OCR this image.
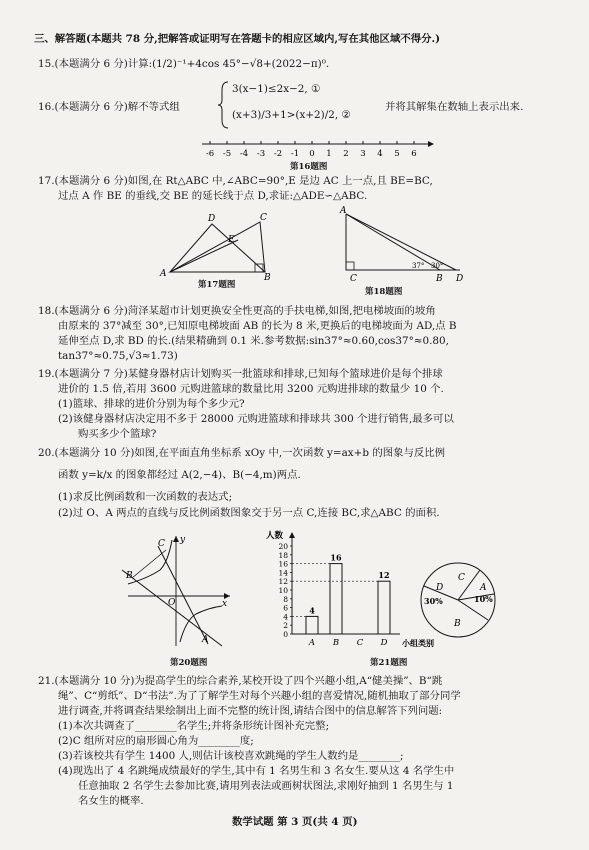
三、解答题(本题共 78 分,把解答或证明写在答题卡的相应区域内,写在其他区域不得分.)
15.(本题满分 6 分)计算:(1/2)⁻¹+4cos 45°−√8+(2022−π)⁰.
16.(本题满分 6 分)解不等式组
3(x−1)≤2x−2, ①
(x+3)/3+1>(x+2)/2, ②
并将其解集在数轴上表示出来.
-6 -5 -4 -3 -2 -1 0 1 2 3 4 5 6
第16题图
17.(本题满分 6 分)如图,在 Rt△ABC 中,∠ABC=90°,E 是边 AC 上一点,且 BE=BC,
过点 A 作 BE 的垂线,交 BE 的延长线于点 D,求证:△ADE∽△ABC.
D
E
C
A	B
第17题图
A
C	B D
37° 30°
第18题图
18.(本题满分 6 分)菏泽某超市计划更换安全性更高的手扶电梯,如图,把电梯坡面的坡角
由原来的 37°减至 30°,已知原电梯坡面 AB 的长为 8 米,更换后的电梯坡面为 AD,点 B
延伸至点 D,求 BD 的长.(结果精确到 0.1 米.参考数据:sin37°≈0.60,cos37°≈0.80,
tan37°≈0.75,√3≈1.73)
19.(本题满分 7 分)某健身器材店计划购买一批篮球和排球,已知每个篮球进价是每个排球
进价的 1.5 倍,若用 3600 元购进篮球的数量比用 3200 元购进排球的数量少 10 个.
(1)篮球、排球的进价分别为每个多少元?
(2)该健身器材店决定用不多于 28000 元购进篮球和排球共 300 个进行销售,最多可以
购买多少个篮球?
20.(本题满分 10 分)如图,在平面直角坐标系 xOy 中,一次函数 y=ax+b 的图象与反比例
函数 y=k/x 的图象都经过 A(2,−4)、B(−4,m)两点.
(1)求反比例函数和一次函数的表达式;
(2)过 O、A 两点的直线与反比例函数图象交于另一点 C,连接 BC,求△ABC 的面积.
y
C
B
O	x
A
第20题图
0
2
4
6
8
10
12
14
16
18
20
人数
小组类别
4
A
16
B C
12
D
C
A
10%
30%
D
B
第21题图
21.(本题满分 10 分)为提高学生的综合素养,某校开设了四个兴趣小组,A“健美操”、B“跳
绳”、C“剪纸”、D“书法”.为了了解学生对每个兴趣小组的喜爱情况,随机抽取了部分同学
进行调查,并将调查结果绘制出上面不完整的统计图,请结合图中的信息解答下列问题:
(1)本次共调查了________名学生;并将条形统计图补充完整;
(2)C 组所对应的扇形圆心角为________度;
(3)若该校共有学生 1400 人,则估计该校喜欢跳绳的学生人数约是________;
(4)现选出了 4 名跳绳成绩最好的学生,其中有 1 名男生和 3 名女生.要从这 4 名学生中
任意抽取 2 名学生去参加比赛,请用列表法或画树状图法,求刚好抽到 1 名男生与 1
名女生的概率.
数学试题 第 3 页(共 4 页)
